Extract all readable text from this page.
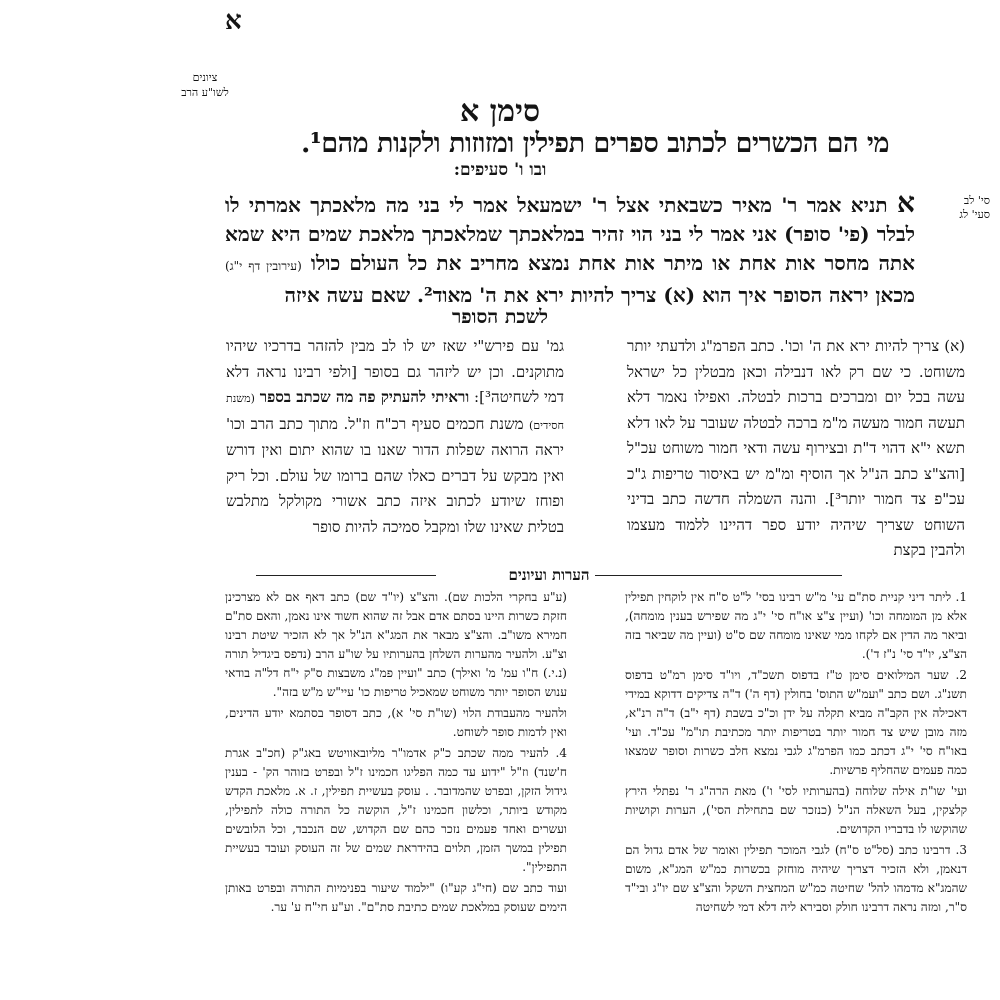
א
ציונים
לשו"ע הרב
סימן א
מי הם הכשרים לכתוב ספרים תפילין ומזוזות ולקנות מהם¹.
ובו ו' סעיפים:
א תניא אמר ר' מאיר כשבאתי אצל ר' ישמעאל אמר לי בני מה מלאכתך אמרתי לו לבלר (פי' סופר) אני אמר לי בני הוי זהיר במלאכתך שמלאכתך מלאכת שמים היא שמא אתה מחסר אות אחת או מיתר אות אחת נמצא מחריב את כל העולם כולו (עירובין דף י"ג) מכאן יראה הסופר איך הוא (א) צריך להיות ירא את ה' מאוד². שאם עשה איזה
סי' לב
סעי' לג
לשכת הסופר
(א) צריך להיות ירא את ה' וכו'. כתב הפרמ"ג ולדעתי יותר משוחט. כי שם רק לאו דנבילה וכאן מבטלין כל ישראל עשה בכל יום ומברכים ברכות לבטלה. ואפילו נאמר דלא תעשה חמור מעשה מ"מ ברכה לבטלה שעובר על לאו דלא תשא י"א דהוי ד"ת ובצירוף עשה ודאי חמור משוחט עכ"ל [והצ"צ כתב הנ"ל אך הוסיף ומ"מ יש באיסור טריפות ג"כ עכ"פ צד חמור יותר³]. והנה השמלה חדשה כתב בדיני השוחט שצריך שיהיה יודע ספר דהיינו ללמוד מעצמו ולהבין בקצת
גמ' עם פירש"י שאז יש לו לב מבין להזהר בדרכיו שיהיו מתוקנים. וכן יש ליזהר גם בסופר [ולפי רבינו נראה דלא דמי לשחיטה³]: וראיתי להעתיק פה מה שכתב בספר (משנת חסידים) משנת חכמים סעיף רכ"ח וז"ל. מתוך כתב הרב וכו' יראה הרואה שפלות הדור שאנו בו שהוא יתום ואין דורש ואין מבקש על דברים כאלו שהם ברומו של עולם. וכל ריק ופוחז שיודע לכתוב איזה כתב אשורי מקולקל מתלבש בטלית שאינו שלו ומקבל סמיכה להיות סופר
הערות ועיונים

1. ליתר דיני קניית סת"ם עי' מ"ש רבינו בסי' ל"ט ס"ח אין לוקחין תפילין אלא מן המומחה וכו' (ועיין צ"צ או"ח סי' י"ג מה שפירש בענין מומחה), וביאר מה הדין אם לקחו ממי שאינו מומחה שם ס"ט (ועיין מה שביאר בזה הצ"צ, יו"ד סי' נ"ז ד').

2. שער המילואים סימן ט"ז בדפוס תשכ"ד, ויו"ד סימן רמ"ט בדפוס תשנ"ג. ושם כתב "ועמ"ש התוס' בחולין (דף ה') ד"ה צדיקים דדוקא במידי דאכילה אין הקב"ה מביא תקלה על ידן וכ"כ בשבת (דף י"ב) ד"ה רנ"א, מזה מובן שיש צד חמור יותר בטריפות יותר מכתיבת תו"מ" עכ"ד. ועי' באו"ח סי' י"ג דכתב כמו הפרמ"ג לגבי נמצא חלב כשרות וסופר שמצאו כמה פעמים שהחליף פרשיות.

ועי' שו"ת אילה שלוחה (בהערותיו לסי' ו') מאת הרה"ג ר' נפתלי הירץ קלצקין, בעל השאלה הנ"ל (כנזכר שם בתחילת הסי'), הערות וקושיות שהוקשו לו בדבריו הקדושים.

3. דרבינו כתב (סל"ט ס"ח) לגבי המוכר תפילין ואומר של אדם גדול הם דנאמן, ולא הזכיר דצריך שיהיה מוחזק בכשרות כמ"ש המג"א, משום שהמג"א מדמהו להל' שחיטה כמ"ש המחצית השקל והצ"צ שם יו"ג ובי"ד ס"ר, ומזה נראה דרבינו חולק וסבירא ליה דלא דמי לשחיטה

(ע"ע בחקרי הלכות שם). והצ"צ (יו"ד שם) כתב דאף אם לא מצרכינן חזקת כשרות היינו בסתם אדם אבל זה שהוא חשוד אינו נאמן, והאם סת"ם חמירא משו"ב. והצ"צ מבאר את המג"א הנ"ל אך לא הזכיר שיטת רבינו וצ"ע. ולהעיר מהערות השלחן בהערותיו על שו"ע הרב (נדפס ביגדיל תורה (נ.י.) ח"ו עמ' מ' ואילך) כתב "ועיין פמ"ג משבצות ס"ק י"ח דל"ה בודאי ענוש הסופר יותר משוחט שמאכיל טריפות כו' עיי"ש מ"ש בזה".

ולהעיר מהעבודת הלוי (שו"ת סי' א), כתב דסופר בסתמא יודע הדינים, ואין לדמות סופר לשוחט.

4. להעיר ממה שכתב כ"ק אדמו"ר מליובאוויטש באג"ק (חכ"ב אגרת ח'שנד) וז"ל "ידוע עד כמה הפליגו חכמינו ז"ל ובפרט בזוהר הק' - בענין גידול הזקן, ובפרט שהמדובר. . עוסק בעשיית תפילין, ז. א. מלאכת הקדש מקודש ביותר, וכלשון חכמינו ז"ל, הוקשה כל התורה כולה לתפילין, ועשרים ואחד פעמים נזכר כהם שם הקדוש, שם הנכבד, וכל הלובשים תפילין במשך הזמן, תלוים בהידראת שמים של זה העוסק ועובד בעשיית התפילין".

ועוד כתב שם (חי"ג קע"ו) "ילמוד שיעור בפנימיות התורה ובפרט באותן הימים שעוסק במלאכת שמים כתיבת סת"ם". וע"ע חי"ח ע' ער.
